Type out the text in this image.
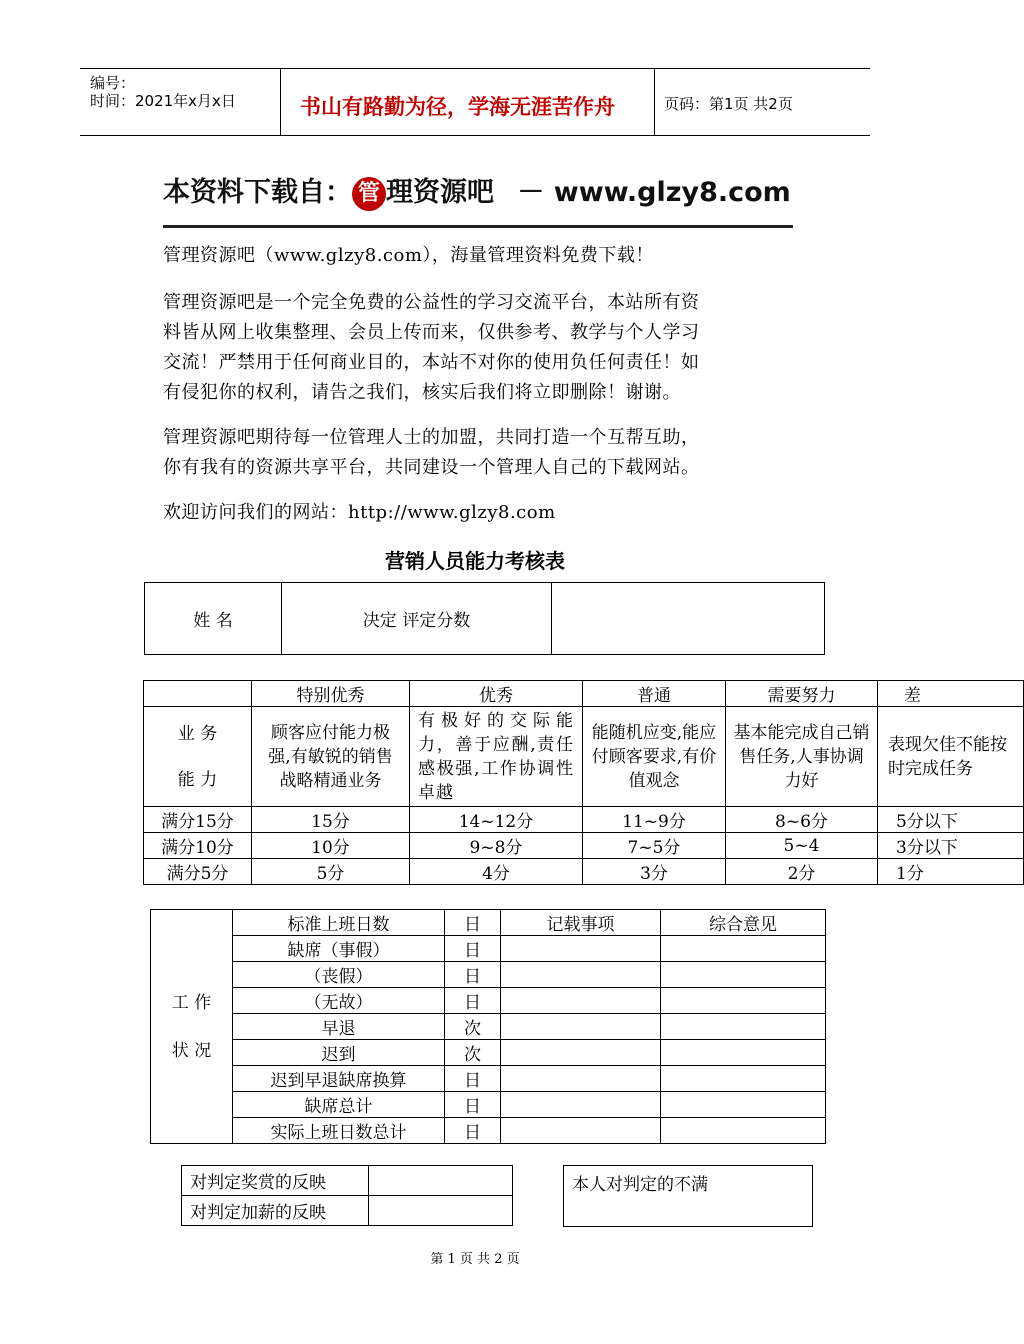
编号：
时间：2021年x月x日	书山有路勤为径，学海无涯苦作舟	页码：第1页 共2页
本资料下载自： 管 理资源吧 － www.glzy8.com
管理资源吧（www.glzy8.com），海量管理资料免费下载！
管理资源吧是一个完全免费的公益性的学习交流平台，本站所有资
料皆从网上收集整理、会员上传而来，仅供参考、教学与个人学习
交流！严禁用于任何商业目的，本站不对你的使用负任何责任！如
有侵犯你的权利，请告之我们，核实后我们将立即删除！谢谢。
管理资源吧期待每一位管理人士的加盟，共同打造一个互帮互助，
你有我有的资源共享平台，共同建设一个管理人自己的下载网站。
欢迎访问我们的网站：http://www.glzy8.com
营销人员能力考核表
姓 名	决定 评定分数	
	特别优秀	优秀	普通	需要努力	差

业 务
能 力	顾客应付能力极强,有敏锐的销售战略精通业务	有极好的交际能力，善于应酬,责任感极强,工作协调性卓越	能随机应变,能应付顾客要求,有价值观念	基本能完成自己销售任务,人事协调力好	表现欠佳不能按时完成任务
满分15分	15分	14~12分	11~9分	8~6分	5分以下
满分10分	10分	9~8分	7~5分	5~4	3分以下
满分5分	5分	4分	3分	2分	1分
工 作
状 况	标准上班日数	日	记载事项	综合意见
	缺席（事假）	日		
	（丧假）	日		
	（无故）	日		
	早退	次		
	迟到	次		
	迟到早退缺席换算	日		
	缺席总计	日		
	实际上班日数总计	日		
对判定奖赏的反映	
对判定加薪的反映	
本人对判定的不满
第 1 页 共 2 页
